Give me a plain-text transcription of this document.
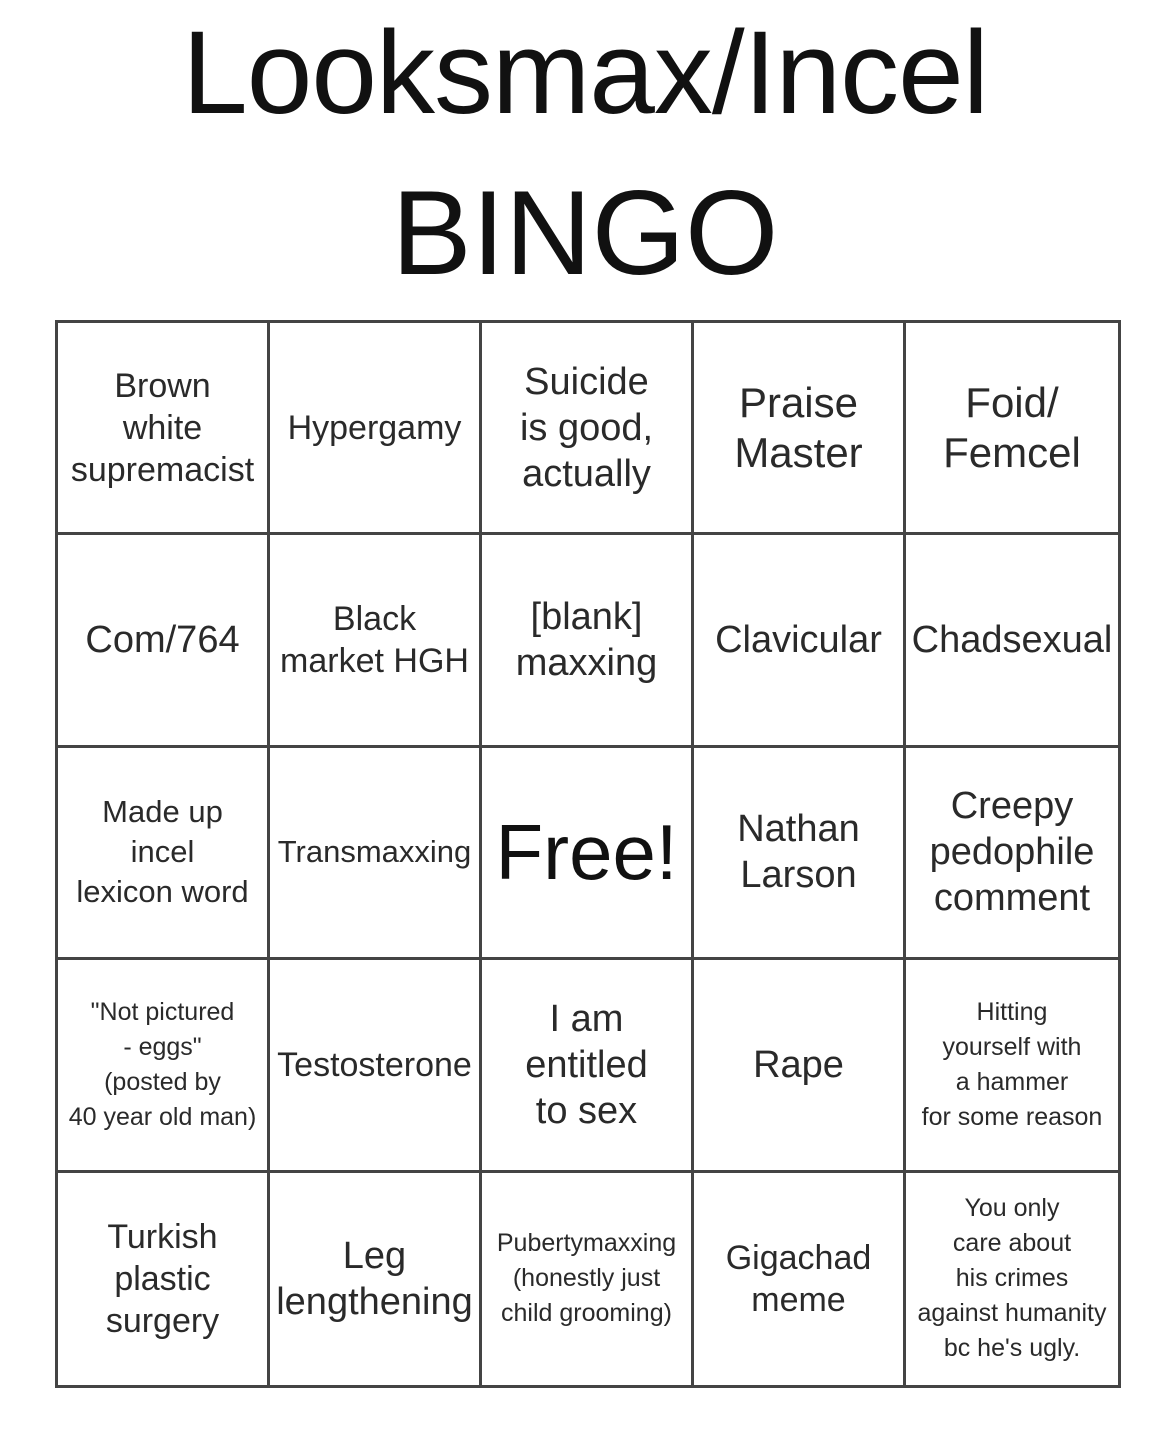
Looksmax/Incel
BINGO
Brown
white
supremacist
Hypergamy
Suicide
is good,
actually
Praise
Master
Foid/
Femcel
Com/764	Black
market HGH
[blank]
maxxing
Clavicular Chadsexual
Made up
incel
lexicon word
Transmaxxing Free!	Nathan
Larson
Creepy
pedophile
comment
"Not pictured
- eggs"
(posted by
40 year old man)
Testosterone
I am
entitled
to sex
Rape
Hitting
yourself with
a hammer
for some reason
Turkish
plastic
surgery
Leg
lengthening
Pubertymaxxing
(honestly just
child grooming)
Gigachad
meme
You only
care about
his crimes
against humanity
bc he's ugly.
